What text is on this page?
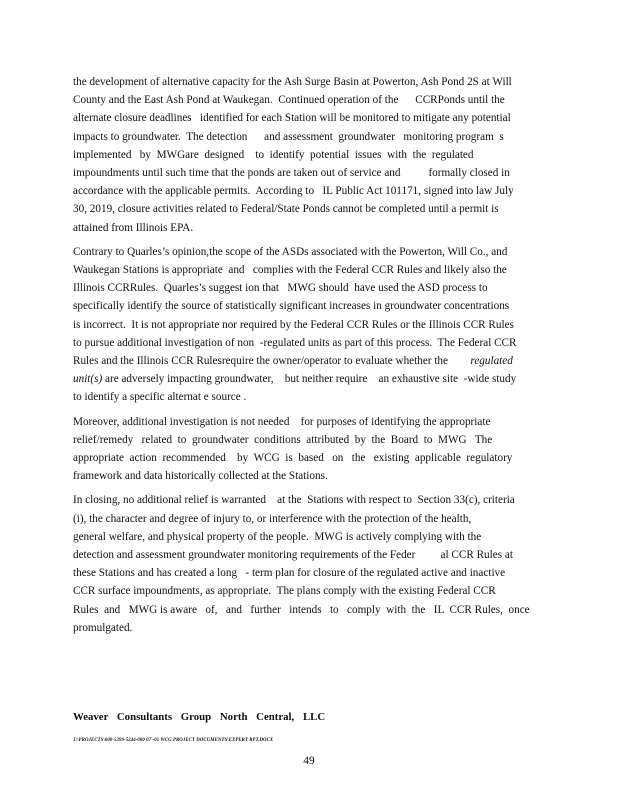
the development of alternative capacity for the Ash Surge Basin at Powerton, Ash Pond 2S at Will
County and the East Ash Pond at Waukegan.  Continued operation of the      CCRPonds until the
alternate closure deadlines   identified for each Station will be monitored to mitigate any potential
impacts to groundwater.  The detection      and assessment  groundwater   monitoring program  s
implemented   by  MWGare  designed    to  identify  potential  issues  with  the  regulated
impoundments until such time that the ponds are taken out of service and          formally closed in
accordance with the applicable permits.  According to   IL Public Act 101171, signed into law July
30, 2019, closure activities related to Federal/State Ponds cannot be completed until a permit is
attained from Illinois EPA.

Contrary to Quarles’s opinion,the scope of the ASDs associated with the Powerton, Will Co., and
Waukegan Stations is appropriate  and   complies with the Federal CCR Rules and likely also the
Illinois CCRRules.  Quarles’s suggest ion that   MWG should  have used the ASD process to
specifically identify the source of statistically significant increases in groundwater concentrations
is incorrect.  It is not appropriate nor required by the Federal CCR Rules or the Illinois CCR Rules
to pursue additional investigation of non  -regulated units as part of this process.  The Federal CCR
Rules and the Illinois CCR Rulesrequire the owner/operator to evaluate whether the regulated
unit(s) are adversely impacting groundwater,    but neither require    an exhaustive site  -wide study
to identify a specific alternat e source .

Moreover, additional investigation is not needed    for purposes of identifying the appropriate
relief/remedy   related  to  groundwater  conditions  attributed  by  the  Board  to  MWG   The
appropriate  action  recommended    by  WCG  is  based   on   the   existing  applicable  regulatory
framework and data historically collected at the Stations.

In closing, no additional relief is warranted    at the  Stations with respect to  Section 33(c), criteria
(i), the character and degree of injury to, or interference with the protection of the health,
general welfare, and physical property of the people.  MWG is actively complying with the
detection and assessment groundwater monitoring requirements of the Feder         al CCR Rules at
these Stations and has created a long   - term plan for closure of the regulated active and inactive
CCR surface impoundments, as appropriate.  The plans comply with the existing Federal CCR
Rules  and   MWG is aware   of,   and   further   intends   to   comply  with  the   IL  CCR Rules,  once
promulgated.

Weaver Consultants Group North Central, LLC
J:\PROJECTS\000-5399-5244-000 07 -01 WCG PROJECT DOCUMENTS\EXPERT RPT.DOCX
49
